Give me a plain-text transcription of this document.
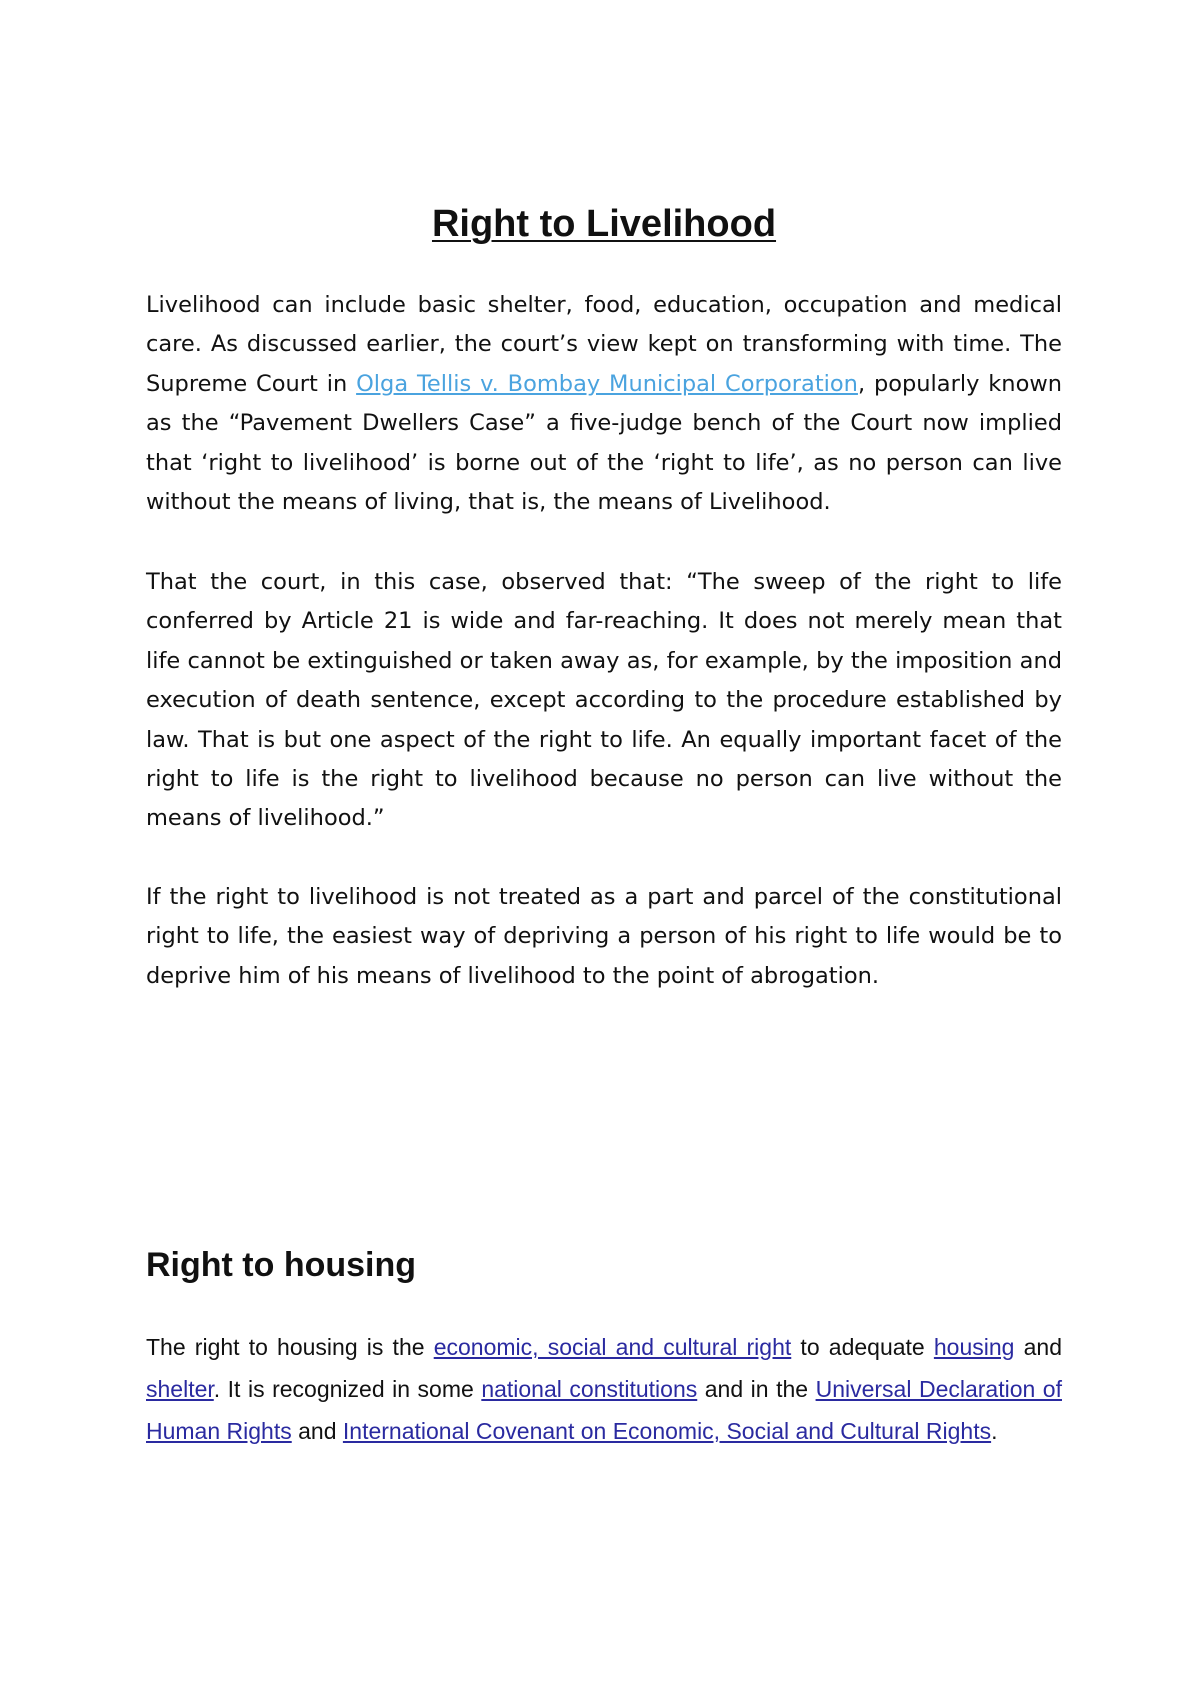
Right to Livelihood

Livelihood can include basic shelter, food, education, occupation and medical care. As discussed earlier, the court’s view kept on transforming with time. The Supreme Court in Olga Tellis v. Bombay Municipal Corporation, popularly known as the “Pavement Dwellers Case” a five-judge bench of the Court now implied that ‘right to livelihood’ is borne out of the ‘right to life’, as no person can live without the means of living, that is, the means of Livelihood.

That the court, in this case, observed that: “The sweep of the right to life conferred by Article 21 is wide and far-reaching. It does not merely mean that life cannot be extinguished or taken away as, for example, by the imposition and execution of death sentence, except according to the procedure established by law. That is but one aspect of the right to life. An equally important facet of the right to life is the right to livelihood because no person can live without the means of livelihood.”

If the right to livelihood is not treated as a part and parcel of the constitutional right to life, the easiest way of depriving a person of his right to life would be to deprive him of his means of livelihood to the point of abrogation.

Right to housing

The right to housing is the economic, social and cultural right to adequate housing and shelter. It is recognized in some national constitutions and in the Universal Declaration of Human Rights and International Covenant on Economic, Social and Cultural Rights.
